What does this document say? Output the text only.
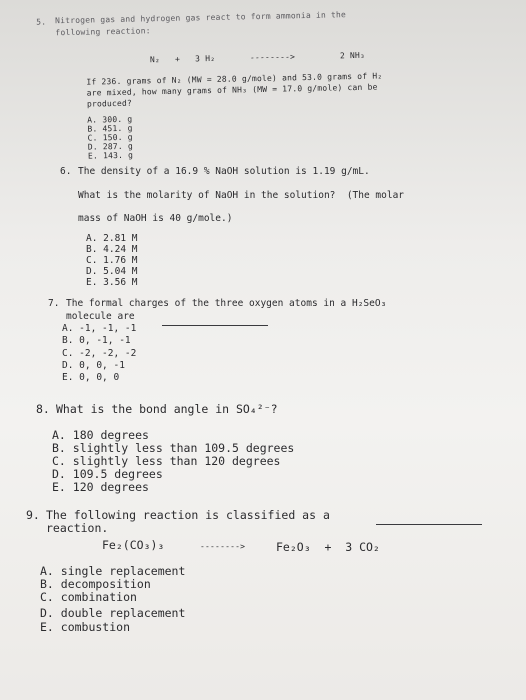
5. Nitrogen gas and hydrogen gas react to form ammonia in the
following reaction:
N₂   +   3 H₂	-------->	2 NH₃
If 236. grams of N₂ (MW = 28.0 g/mole) and 53.0 grams of H₂
are mixed, how many grams of NH₃ (MW = 17.0 g/mole) can be
produced?
A. 300. g
B. 451. g
C. 150. g
D. 287. g
E. 143. g
6. The density of a 16.9 % NaOH solution is 1.19 g/mL.
What is the molarity of NaOH in the solution?  (The molar
mass of NaOH is 40 g/mole.)
A. 2.81 M
B. 4.24 M
C. 1.76 M
D. 5.04 M
E. 3.56 M
7. The formal charges of the three oxygen atoms in a H₂SeO₃
molecule are
A. -1, -1, -1
B. 0, -1, -1
C. -2, -2, -2
D. 0, 0, -1
E. 0, 0, 0
8. What is the bond angle in SO₄²⁻?
A. 180 degrees
B. slightly less than 109.5 degrees
C. slightly less than 120 degrees
D. 109.5 degrees
E. 120 degrees
9. The following reaction is classified as a
reaction.
Fe₂(CO₃)₃	-------->	Fe₂O₃  +  3 CO₂
A. single replacement
B. decomposition
C. combination
D. double replacement
E. combustion
